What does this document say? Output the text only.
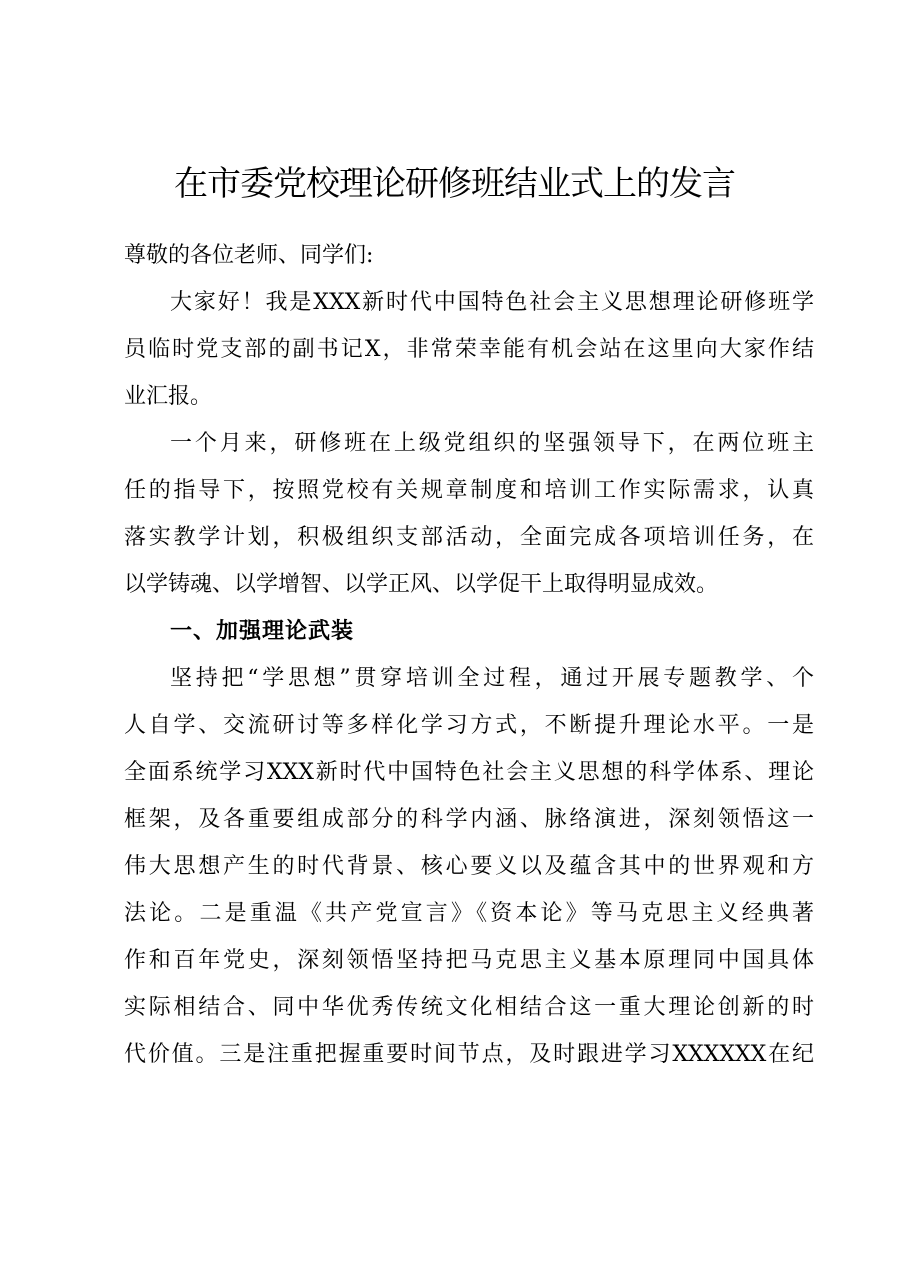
在市委党校理论研修班结业式上的发言
尊敬的各位老师、同学们:
大家好！我是XXX新时代中国特色社会主义思想理论研修班学
员临时党支部的副书记X，非常荣幸能有机会站在这里向大家作结
业汇报。
一个月来，研修班在上级党组织的坚强领导下，在两位班主
任的指导下，按照党校有关规章制度和培训工作实际需求，认真
落实教学计划，积极组织支部活动，全面完成各项培训任务，在
以学铸魂、以学增智、以学正风、以学促干上取得明显成效。
一、加强理论武装
坚持把“学思想”贯穿培训全过程，通过开展专题教学、个
人自学、交流研讨等多样化学习方式，不断提升理论水平。一是
全面系统学习XXX新时代中国特色社会主义思想的科学体系、理论
框架，及各重要组成部分的科学内涵、脉络演进，深刻领悟这一
伟大思想产生的时代背景、核心要义以及蕴含其中的世界观和方
法论。二是重温《共产党宣言》《资本论》等马克思主义经典著
作和百年党史，深刻领悟坚持把马克思主义基本原理同中国具体
实际相结合、同中华优秀传统文化相结合这一重大理论创新的时
代价值。三是注重把握重要时间节点，及时跟进学习XXXXXX在纪
